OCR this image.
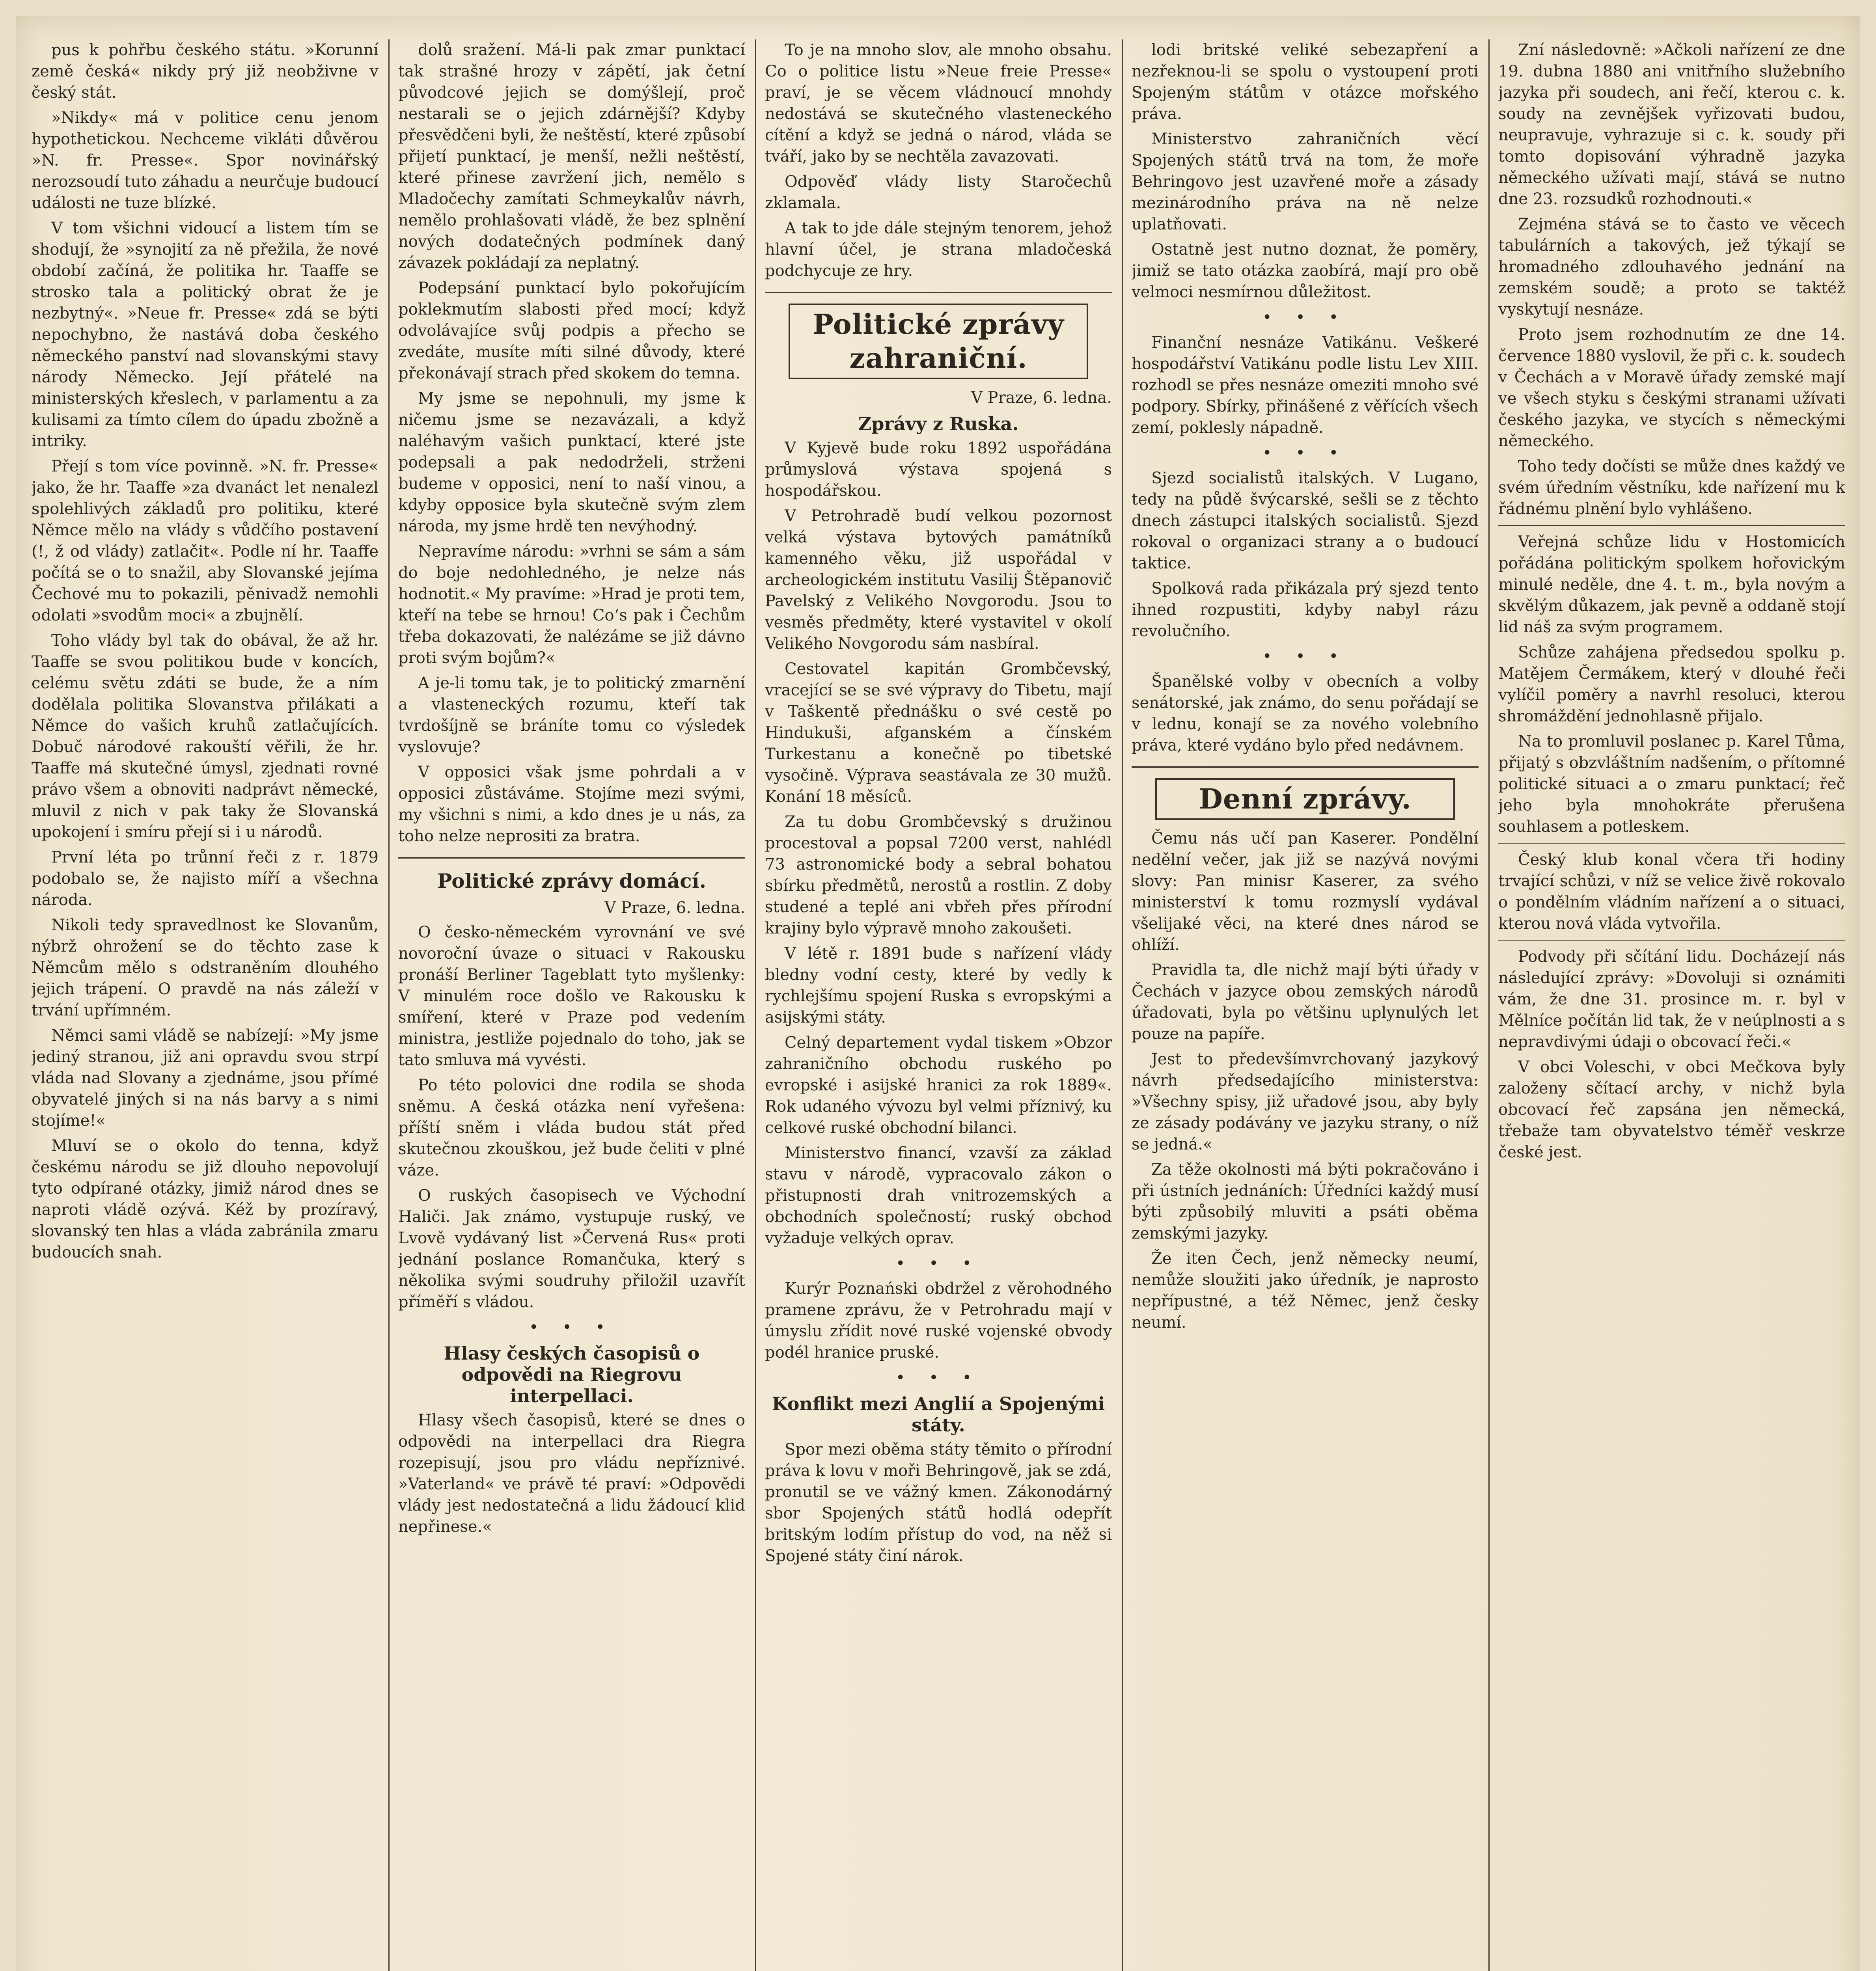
pus k pohřbu českého státu. »Korunní země česká« nikdy prý již neobživne v český stát.

»Nikdy« má v politice cenu jenom hypothetickou. Nechceme vikláti důvěrou »N. fr. Presse«. Spor novinářský nerozsoudí tuto záhadu a neurčuje budoucí události ne tuze blízké.

V tom všichni vidoucí a listem tím se shodují, že »synojití za ně přežila, že nové období začíná, že politika hr. Taaffe se strosko tala a politický obrat že je nezbytný«. »Neue fr. Presse« zdá se býti nepochybno, že nastává doba českého německého panství nad slovanskými stavy národy Německo. Její přátelé na ministerských křeslech, v parlamentu a za kulisami za tímto cílem do úpadu zbožně a intriky.

Přejí s tom více povinně. »N. fr. Presse« jako, že hr. Taaffe »za dvanáct let nenalezl spolehlivých základů pro politiku, které Němce mělo na vlády s vůdčího postavení (!, ž od vlády) zatlačit«. Podle ní hr. Taaffe počítá se o to snažil, aby Slovanské jejíma Čechové mu to pokazili, pěnivadž nemohli odolati »svodům moci« a zbujnělí.

Toho vlády byl tak do obával, že až hr. Taaffe se svou politikou bude v koncích, celému světu zdáti se bude, že a ním dodělala politika Slovanstva přilákati a Němce do vašich kruhů zatlačujících. Dobuč národové rakouští věřili, že hr. Taaffe má skutečné úmysl, zjednati rovné právo všem a obnoviti nadprávt německé, mluvil z nich v pak taky že Slovanská upokojení i smíru přejí si i u národů.

První léta po trůnní řeči z r. 1879 podobalo se, že najisto míří a všechna národa.

Nikoli tedy spravedlnost ke Slovanům, nýbrž ohrožení se do těchto zase k Němcům mělo s odstraněním dlouhého jejich trápení. O pravdě na nás záleží v trvání upřímném.

Němci sami vládě se nabízejí: »My jsme jediný stranou, již ani opravdu svou strpí vláda nad Slovany a zjednáme, jsou přímé obyvatelé jiných si na nás barvy a s nimi stojíme!«

Mluví se o okolo do tenna, když českému národu se již dlouho nepovolují tyto odpírané otázky, jimiž národ dnes se naproti vládě ozývá. Kéž by prozíravý, slovanský ten hlas a vláda zabránila zmaru budoucích snah.

dolů sražení. Má-li pak zmar punktací tak strašné hrozy v zápětí, jak četní původcové jejich se domýšlejí, proč nestarali se o jejich zdárnější? Kdyby přesvědčeni byli, že neštěstí, které způsobí přijetí punktací, je menší, nežli neštěstí, které přinese zavržení jich, nemělo s Mladočechy zamítati Schmeykalův návrh, nemělo prohlašovati vládě, že bez splnění nových dodatečných podmínek daný závazek pokládají za neplatný.

Podepsání punktací bylo pokořujícím poklekmutím slabosti před mocí; když odvolávajíce svůj podpis a přecho se zvedáte, musíte míti silné důvody, které překonávají strach před skokem do temna.

My jsme se nepohnuli, my jsme k ničemu jsme se nezavázali, a když naléhavým vašich punktací, které jste podepsali a pak nedodrželi, strženi budeme v opposici, není to naší vinou, a kdyby opposice byla skutečně svým zlem národa, my jsme hrdě ten nevýhodný.

Nepravíme národu: »vrhni se sám a sám do boje nedohledného, je nelze nás hodnotit.« My pravíme: »Hrad je proti tem, kteří na tebe se hrnou! Co‘s pak i Čechům třeba dokazovati, že nalézáme se již dávno proti svým bojům?«

A je-li tomu tak, je to politický zmarnění a vlasteneckých rozumu, kteří tak tvrdošíjně se bráníte tomu co výsledek vyslovuje?

V opposici však jsme pohrdali a v opposici zůstáváme. Stojíme mezi svými, my všichni s nimi, a kdo dnes je u nás, za toho nelze neprositi za bratra.

Politické zprávy domácí.
V Praze, 6. ledna.

O česko-německém vyrovnání ve své novoroční úvaze o situaci v Rakousku pronáší Berliner Tageblatt tyto myšlenky: V minulém roce došlo ve Rakousku k smíření, které v Praze pod vedením ministra, jestliže pojednalo do toho, jak se tato smluva má vyvésti.

Po této polovici dne rodila se shoda sněmu. A česká otázka není vyřešena: příští sněm i vláda budou stát před skutečnou zkouškou, jež bude čeliti v plné váze.

O ruských časopisech ve Východní Haliči. Jak známo, vystupuje ruský, ve Lvově vydávaný list »Červená Rus« proti jednání poslance Romančuka, který s několika svými soudruhy přiložil uzavřít příměří s vládou.

• • •
Hlasy českých časopisů o odpovědi na Riegrovu interpellaci.

Hlasy všech časopisů, které se dnes o odpovědi na interpellaci dra Riegra rozepisují, jsou pro vládu nepříznivé. »Vaterland« ve právě té praví: »Odpovědi vlády jest nedostatečná a lidu žádoucí klid nepřinese.«

To je na mnoho slov, ale mnoho obsahu. Co o politice listu »Neue freie Presse« praví, je se věcem vládnoucí mnohdy nedostává se skutečného vlasteneckého cítění a když se jedná o národ, vláda se tváří, jako by se nechtěla zavazovati.

Odpověď vlády listy Staročechů zklamala.

A tak to jde dále stejným tenorem, jehož hlavní účel, je strana mladočeská podchycuje ze hry.

Politické zprávy zahraniční.
V Praze, 6. ledna.
Zprávy z Ruska.

V Kyjevě bude roku 1892 uspořádána průmyslová výstava spojená s hospodářskou.

V Petrohradě budí velkou pozornost velká výstava bytových památníků kamenného věku, již uspořádal v archeologickém institutu Vasilij Štěpanovič Pavelský z Velikého Novgorodu. Jsou to vesměs předměty, které vystavitel v okolí Velikého Novgorodu sám nasbíral.

Cestovatel kapitán Grombčevský, vracející se se své výpravy do Tibetu, mají v Taškentě přednášku o své cestě po Hindukuši, afganském a čínském Turkestanu a konečně po tibetské vysočině. Výprava seastávala ze 30 mužů. Konání 18 měsíců.

Za tu dobu Grombčevský s družinou procestoval a popsal 7200 verst, nahlédl 73 astronomické body a sebral bohatou sbírku předmětů, nerostů a rostlin. Z doby studené a teplé ani vbřeh přes přírodní krajiny bylo výpravě mnoho zakoušeti.

V létě r. 1891 bude s nařízení vlády bledny vodní cesty, které by vedly k rychlejšímu spojení Ruska s evropskými a asijskými státy.

Celný departement vydal tiskem »Obzor zahraničního obchodu ruského po evropské i asijské hranici za rok 1889«. Rok udaného vývozu byl velmi příznivý, ku celkové ruské obchodní bilanci.

Ministerstvo financí, vzavší za základ stavu v národě, vypracovalo zákon o přistupnosti drah vnitrozemských a obchodních společností; ruský obchod vyžaduje velkých oprav.

• • •

Kurýr Poznański obdržel z věrohodného pramene zprávu, že v Petrohradu mají v úmyslu zřídit nové ruské vojenské obvody podél hranice pruské.

• • •
Konflikt mezi Anglií a Spojenými státy.

Spor mezi oběma státy těmito o přírodní práva k lovu v moři Behringově, jak se zdá, pronutil se ve vážný kmen. Zákonodárný sbor Spojených států hodlá odepřít britským lodím přístup do vod, na něž si Spojené státy činí nárok.

lodi britské veliké sebezapření a nezřeknou-li se spolu o vystoupení proti Spojeným státům v otázce mořského práva.

Ministerstvo zahraničních věcí Spojených států trvá na tom, že moře Behringovo jest uzavřené moře a zásady mezinárodního práva na ně nelze uplatňovati.

Ostatně jest nutno doznat, že poměry, jimiž se tato otázka zaobírá, mají pro obě velmoci nesmírnou důležitost.

• • •

Finanční nesnáze Vatikánu. Veškeré hospodářství Vatikánu podle listu Lev XIII. rozhodl se přes nesnáze omeziti mnoho své podpory. Sbírky, přinášené z věřících všech zemí, poklesly nápadně.

• • •

Sjezd socialistů italských. V Lugano, tedy na půdě švýcarské, sešli se z těchto dnech zástupci italských socialistů. Sjezd rokoval o organizaci strany a o budoucí taktice.

Spolková rada přikázala prý sjezd tento ihned rozpustiti, kdyby nabyl rázu revolučního.

• • •

Španělské volby v obecních a volby senátorské, jak známo, do senu pořádají se v lednu, konají se za nového volebního práva, které vydáno bylo před nedávnem.

Denní zprávy.

Čemu nás učí pan Kaserer. Pondělní nedělní večer, jak již se nazývá novými slovy: Pan minisr Kaserer, za svého ministerství k tomu rozmyslí vydával všelijaké věci, na které dnes národ se ohlíží.

Pravidla ta, dle nichž mají býti úřady v Čechách v jazyce obou zemských národů úřadovati, byla po většinu uplynulých let pouze na papíře.

Jest to předevšímvrchovaný jazykový návrh předsedajícího ministerstva: »Všechny spisy, již uřadové jsou, aby byly ze zásady podávány ve jazyku strany, o níž se jedná.«

Za těže okolnosti má býti pokračováno i při ústních jednáních: Úředníci každý musí býti způsobilý mluviti a psáti oběma zemskými jazyky.

Že iten Čech, jenž německy neumí, nemůže sloužiti jako úředník, je naprosto nepřípustné, a též Němec, jenž česky neumí.

Zní následovně: »Ačkoli nařízení ze dne 19. dubna 1880 ani vnitřního služebního jazyka při soudech, ani řečí, kterou c. k. soudy na zevnějšek vyřizovati budou, neupravuje, vyhrazuje si c. k. soudy při tomto dopisování výhradně jazyka německého užívati mají, stává se nutno dne 23. rozsudků rozhodnouti.«

Zejména stává se to často ve věcech tabulárních a takových, jež týkají se hromadného zdlouhavého jednání na zemském soudě; a proto se taktéž vyskytují nesnáze.

Proto jsem rozhodnutím ze dne 14. července 1880 vyslovil, že při c. k. soudech v Čechách a v Moravě úřady zemské mají ve všech styku s českými stranami užívati českého jazyka, ve stycích s německými německého.

Toho tedy dočísti se může dnes každý ve svém úředním věstníku, kde nařízení mu k řádnému plnění bylo vyhlášeno.

Veřejná schůze lidu v Hostomicích pořádána politickým spolkem hořovickým minulé neděle, dne 4. t. m., byla novým a skvělým důkazem, jak pevně a oddaně stojí lid náš za svým programem.

Schůze zahájena předsedou spolku p. Matějem Čermákem, který v dlouhé řeči vylíčil poměry a navrhl resoluci, kterou shromáždění jednohlasně přijalo.

Na to promluvil poslanec p. Karel Tůma, přijatý s obzvláštním nadšením, o přítomné politické situaci a o zmaru punktací; řeč jeho byla mnohokráte přerušena souhlasem a potleskem.

Český klub konal včera tři hodiny trvající schůzi, v níž se velice živě rokovalo o pondělním vládním nařízení a o situaci, kterou nová vláda vytvořila.

Podvody při sčítání lidu. Docházejí nás následující zprávy: »Dovoluji si oznámiti vám, že dne 31. prosince m. r. byl v Mělníce počítán lid tak, že v neúplnosti a s nepravdivými údaji o obcovací řeči.«

V obci Voleschi, v obci Mečkova byly založeny sčítací archy, v nichž byla obcovací řeč zapsána jen německá, třebaže tam obyvatelstvo téměř veskrze české jest.
